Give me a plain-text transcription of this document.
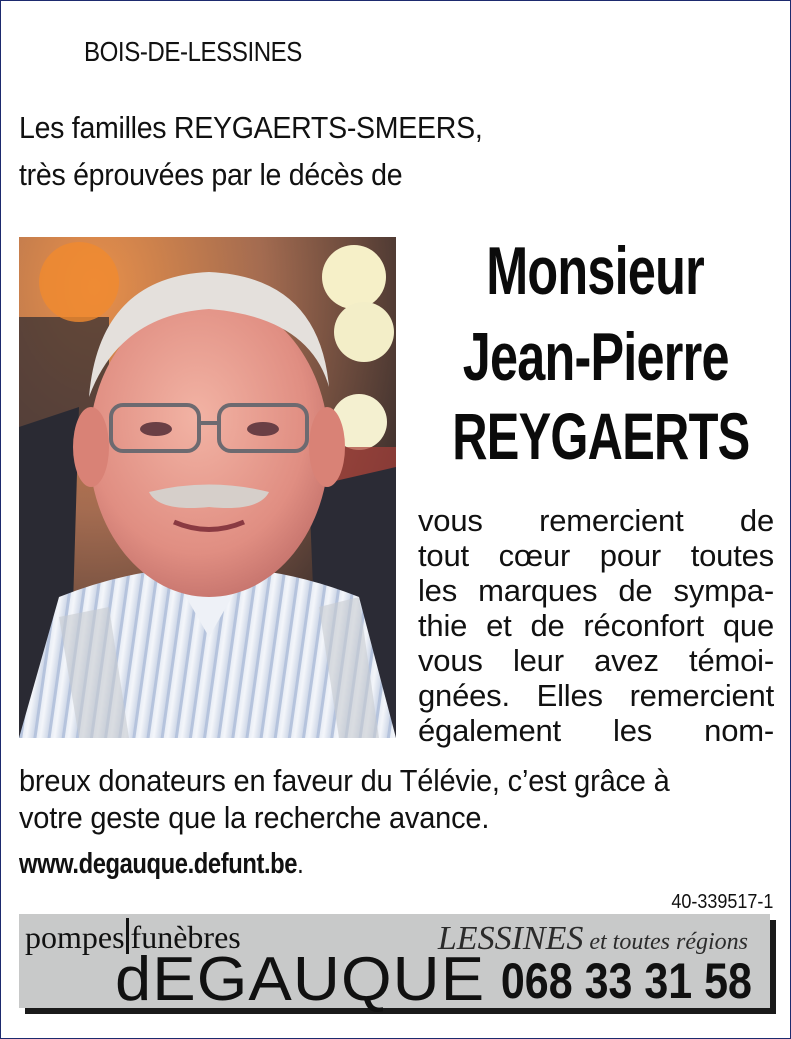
BOIS-DE-LESSINES
Les familles REYGAERTS-SMEERS,
très éprouvées par le décès de
Monsieur
Jean-Pierre
REYGAERTS
vous remercient de
tout cœur pour toutes
les marques de sympa-
thie et de réconfort que
vous leur avez témoi-
gnées. Elles remercient
également les nom-
breux donateurs en faveur du Télévie, c’est grâce à
votre geste que la recherche avance.
www.degauque.defunt.be.
40-339517-1
pompes funèbres
dEGAUQUE
LESSINES et toutes régions
068 33 31 58
